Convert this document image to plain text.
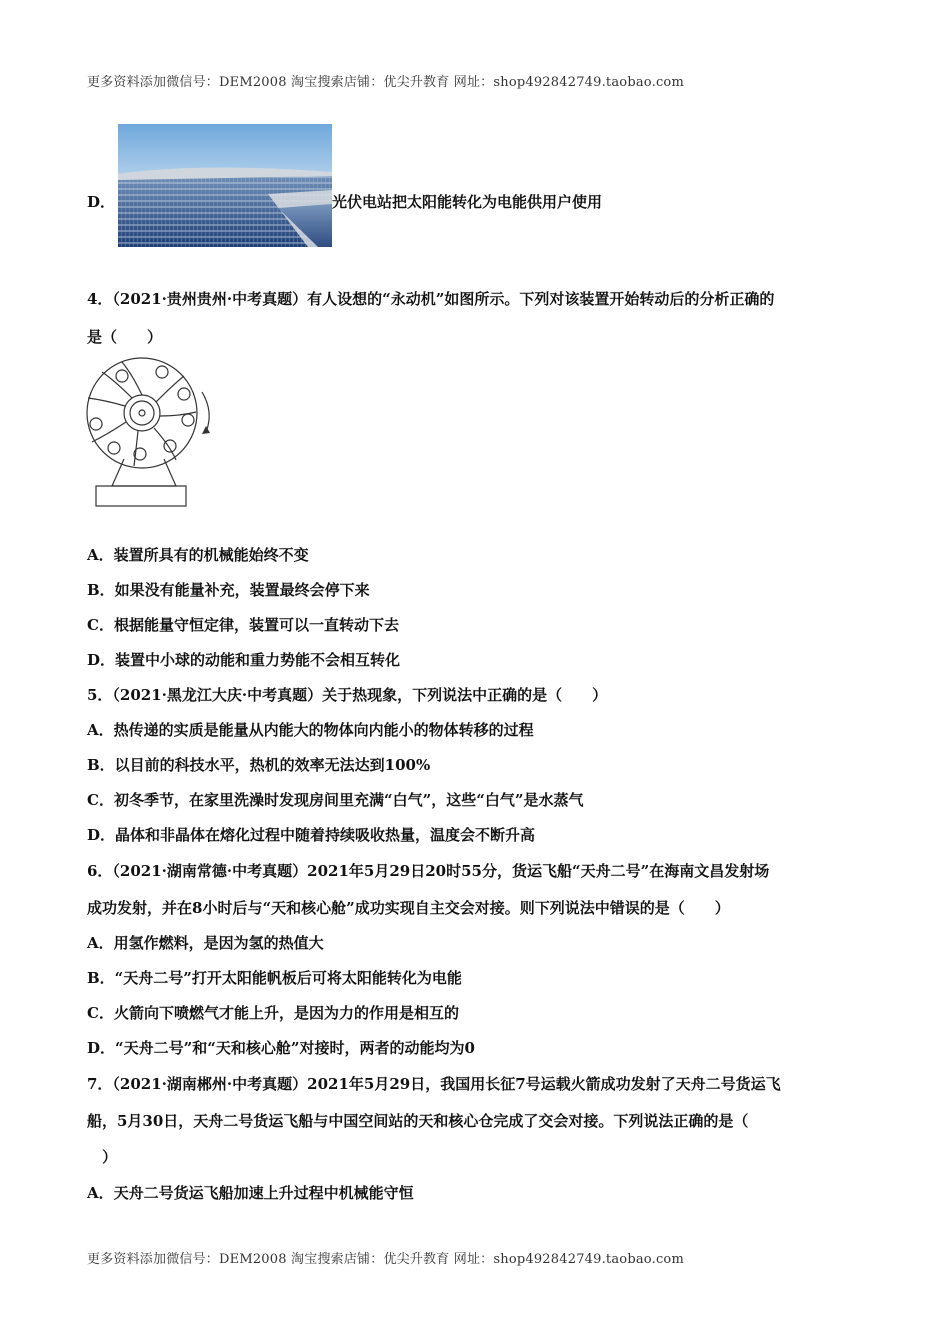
更多资料添加微信号：DEM2008 淘宝搜索店铺：优尖升教育 网址：shop492842749.taobao.com
D．	光伏电站把太阳能转化为电能供用户使用
4．（2021·贵州贵州·中考真题）有人设想的“永动机”如图所示。下列对该装置开始转动后的分析正确的
是（　　）
A．装置所具有的机械能始终不变
B．如果没有能量补充，装置最终会停下来
C．根据能量守恒定律，装置可以一直转动下去
D．装置中小球的动能和重力势能不会相互转化
5．（2021·黑龙江大庆·中考真题）关于热现象，下列说法中正确的是（　　）
A．热传递的实质是能量从内能大的物体向内能小的物体转移的过程
B．以目前的科技水平，热机的效率无法达到100%
C．初冬季节，在家里洗澡时发现房间里充满“白气”，这些“白气”是水蒸气
D．晶体和非晶体在熔化过程中随着持续吸收热量，温度会不断升高
6．（2021·湖南常德·中考真题）2021年5月29日20时55分，货运飞船“天舟二号”在海南文昌发射场
成功发射，并在8小时后与“天和核心舱”成功实现自主交会对接。则下列说法中错误的是（　　）
A．用氢作燃料，是因为氢的热值大
B．“天舟二号”打开太阳能帆板后可将太阳能转化为电能
C．火箭向下喷燃气才能上升，是因为力的作用是相互的
D．“天舟二号”和“天和核心舱”对接时，两者的动能均为0
7．（2021·湖南郴州·中考真题）2021年5月29日，我国用长征7号运载火箭成功发射了天舟二号货运飞
船，5月30日，天舟二号货运飞船与中国空间站的天和核心仓完成了交会对接。下列说法正确的是（
　）
A．天舟二号货运飞船加速上升过程中机械能守恒
更多资料添加微信号：DEM2008 淘宝搜索店铺：优尖升教育 网址：shop492842749.taobao.com
